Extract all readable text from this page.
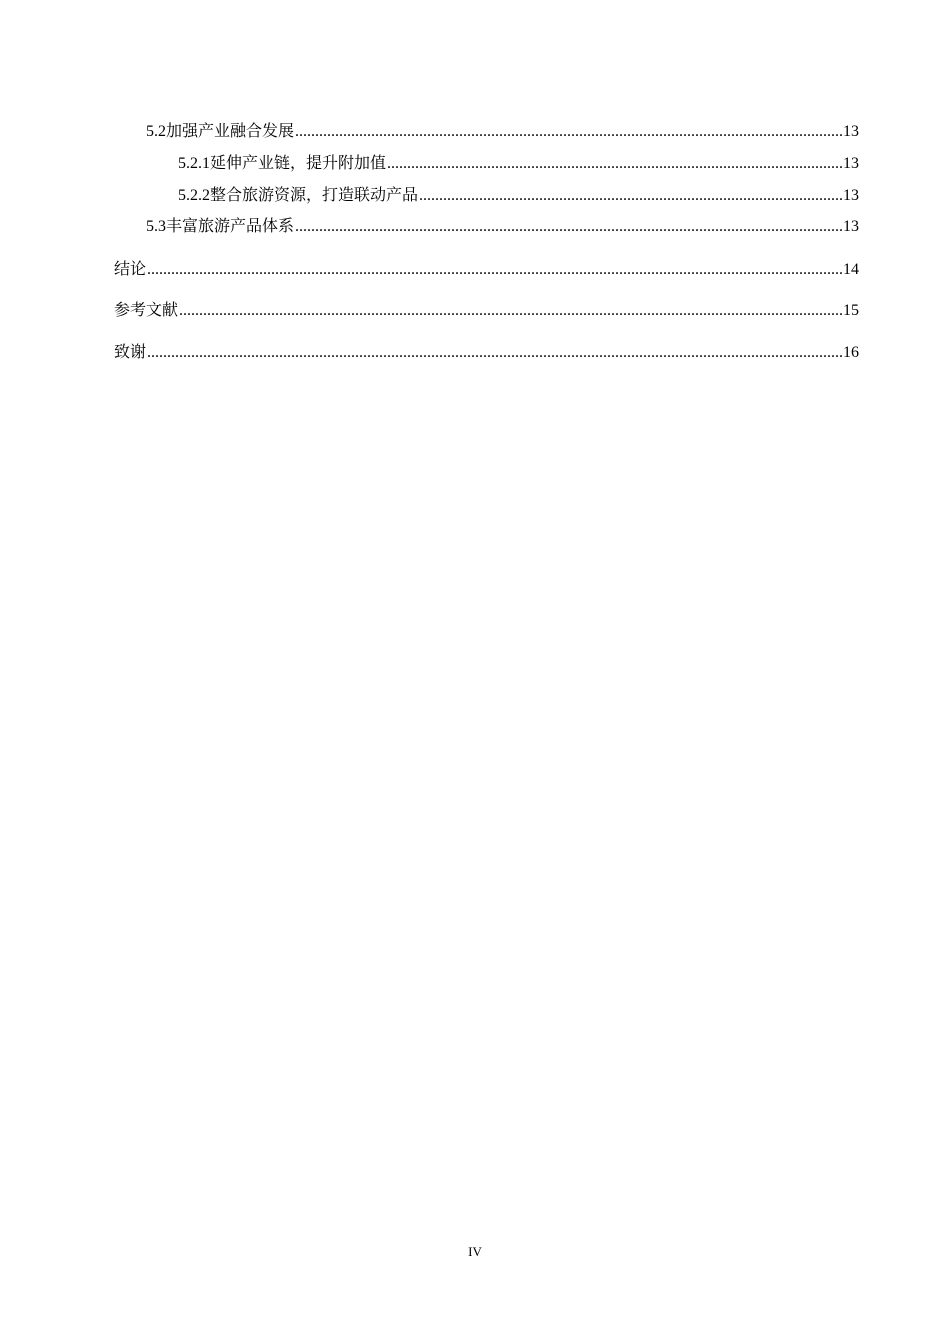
5.2 加强产业融合发展 .....	13
5.2.1 延伸产业链，提升附加值 .....	13
5.2.2 整合旅游资源，打造联动产品 .....	13
5.3 丰富旅游产品体系 .....	13
结论 .....	14
参考文献 .....	15
致谢 .....	16
IV
